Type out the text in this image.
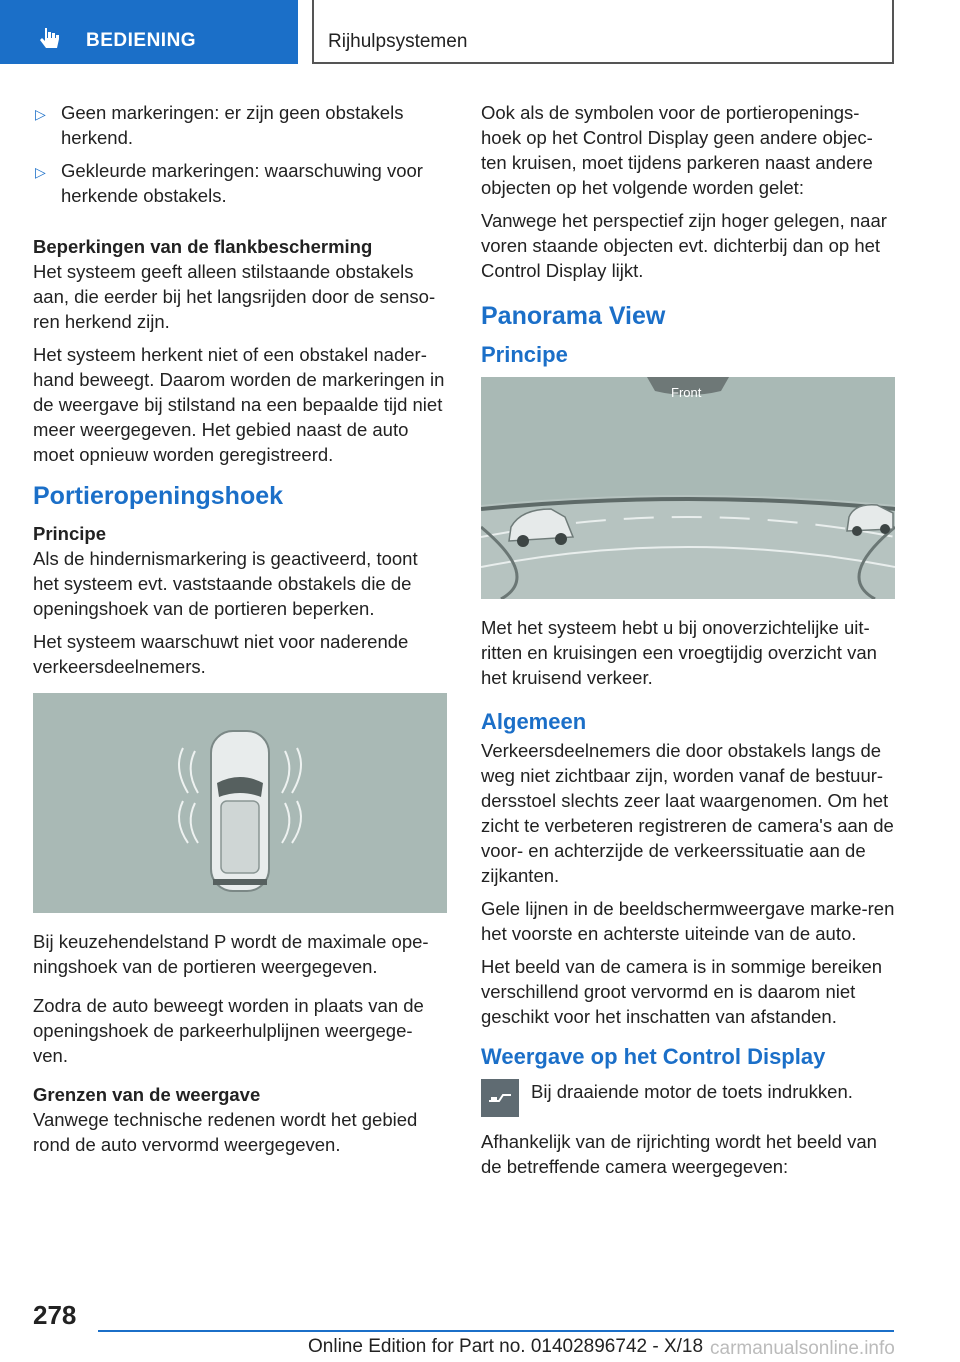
BEDIENING	Rijhulpsystemen
▷ Geen markeringen: er zijn geen obstakels herkend.
▷ Gekleurde markeringen: waarschuwing voor herkende obstakels.
Beperkingen van de flankbescherming

Het systeem geeft alleen stilstaande obstakels aan, die eerder bij het langsrijden door de senso-ren herkend zijn.

Het systeem herkent niet of een obstakel nader-hand beweegt. Daarom worden de markeringen in de weergave bij stilstand na een bepaalde tijd niet meer weergegeven. Het gebied naast de auto moet opnieuw worden geregistreerd.

Portieropeningshoek
Principe

Als de hindernismarkering is geactiveerd, toont het systeem evt. vaststaande obstakels die de openingshoek van de portieren beperken.

Het systeem waarschuwt niet voor naderende verkeersdeelnemers.

Bij keuzehendelstand P wordt de maximale ope-ningshoek van de portieren weergegeven.

Zodra de auto beweegt worden in plaats van de openingshoek de parkeerhulplijnen weergege-ven.

Grenzen van de weergave

Vanwege technische redenen wordt het gebied rond de auto vervormd weergegeven.

Ook als de symbolen voor de portieropenings-hoek op het Control Display geen andere objec-ten kruisen, moet tijdens parkeren naast andere objecten op het volgende worden gelet:

Vanwege het perspectief zijn hoger gelegen, naar voren staande objecten evt. dichterbij dan op het Control Display lijkt.

Panorama View
Principe
Front

Met het systeem hebt u bij onoverzichtelijke uit-ritten en kruisingen een vroegtijdig overzicht van het kruisend verkeer.

Algemeen

Verkeersdeelnemers die door obstakels langs de weg niet zichtbaar zijn, worden vanaf de bestuur-dersstoel slechts zeer laat waargenomen. Om het zicht te verbeteren registreren de camera's aan de voor- en achterzijde de verkeerssituatie aan de zijkanten.

Gele lijnen in de beeldschermweergave marke-ren het voorste en achterste uiteinde van de auto.

Het beeld van de camera is in sommige bereiken verschillend groot vervormd en is daarom niet geschikt voor het inschatten van afstanden.

Weergave op het Control Display
Bij draaiende motor de toets indrukken.

Afhankelijk van de rijrichting wordt het beeld van de betreffende camera weergegeven:

278
Online Edition for Part no. 01402896742 - X/18 carmanualsonline.info
